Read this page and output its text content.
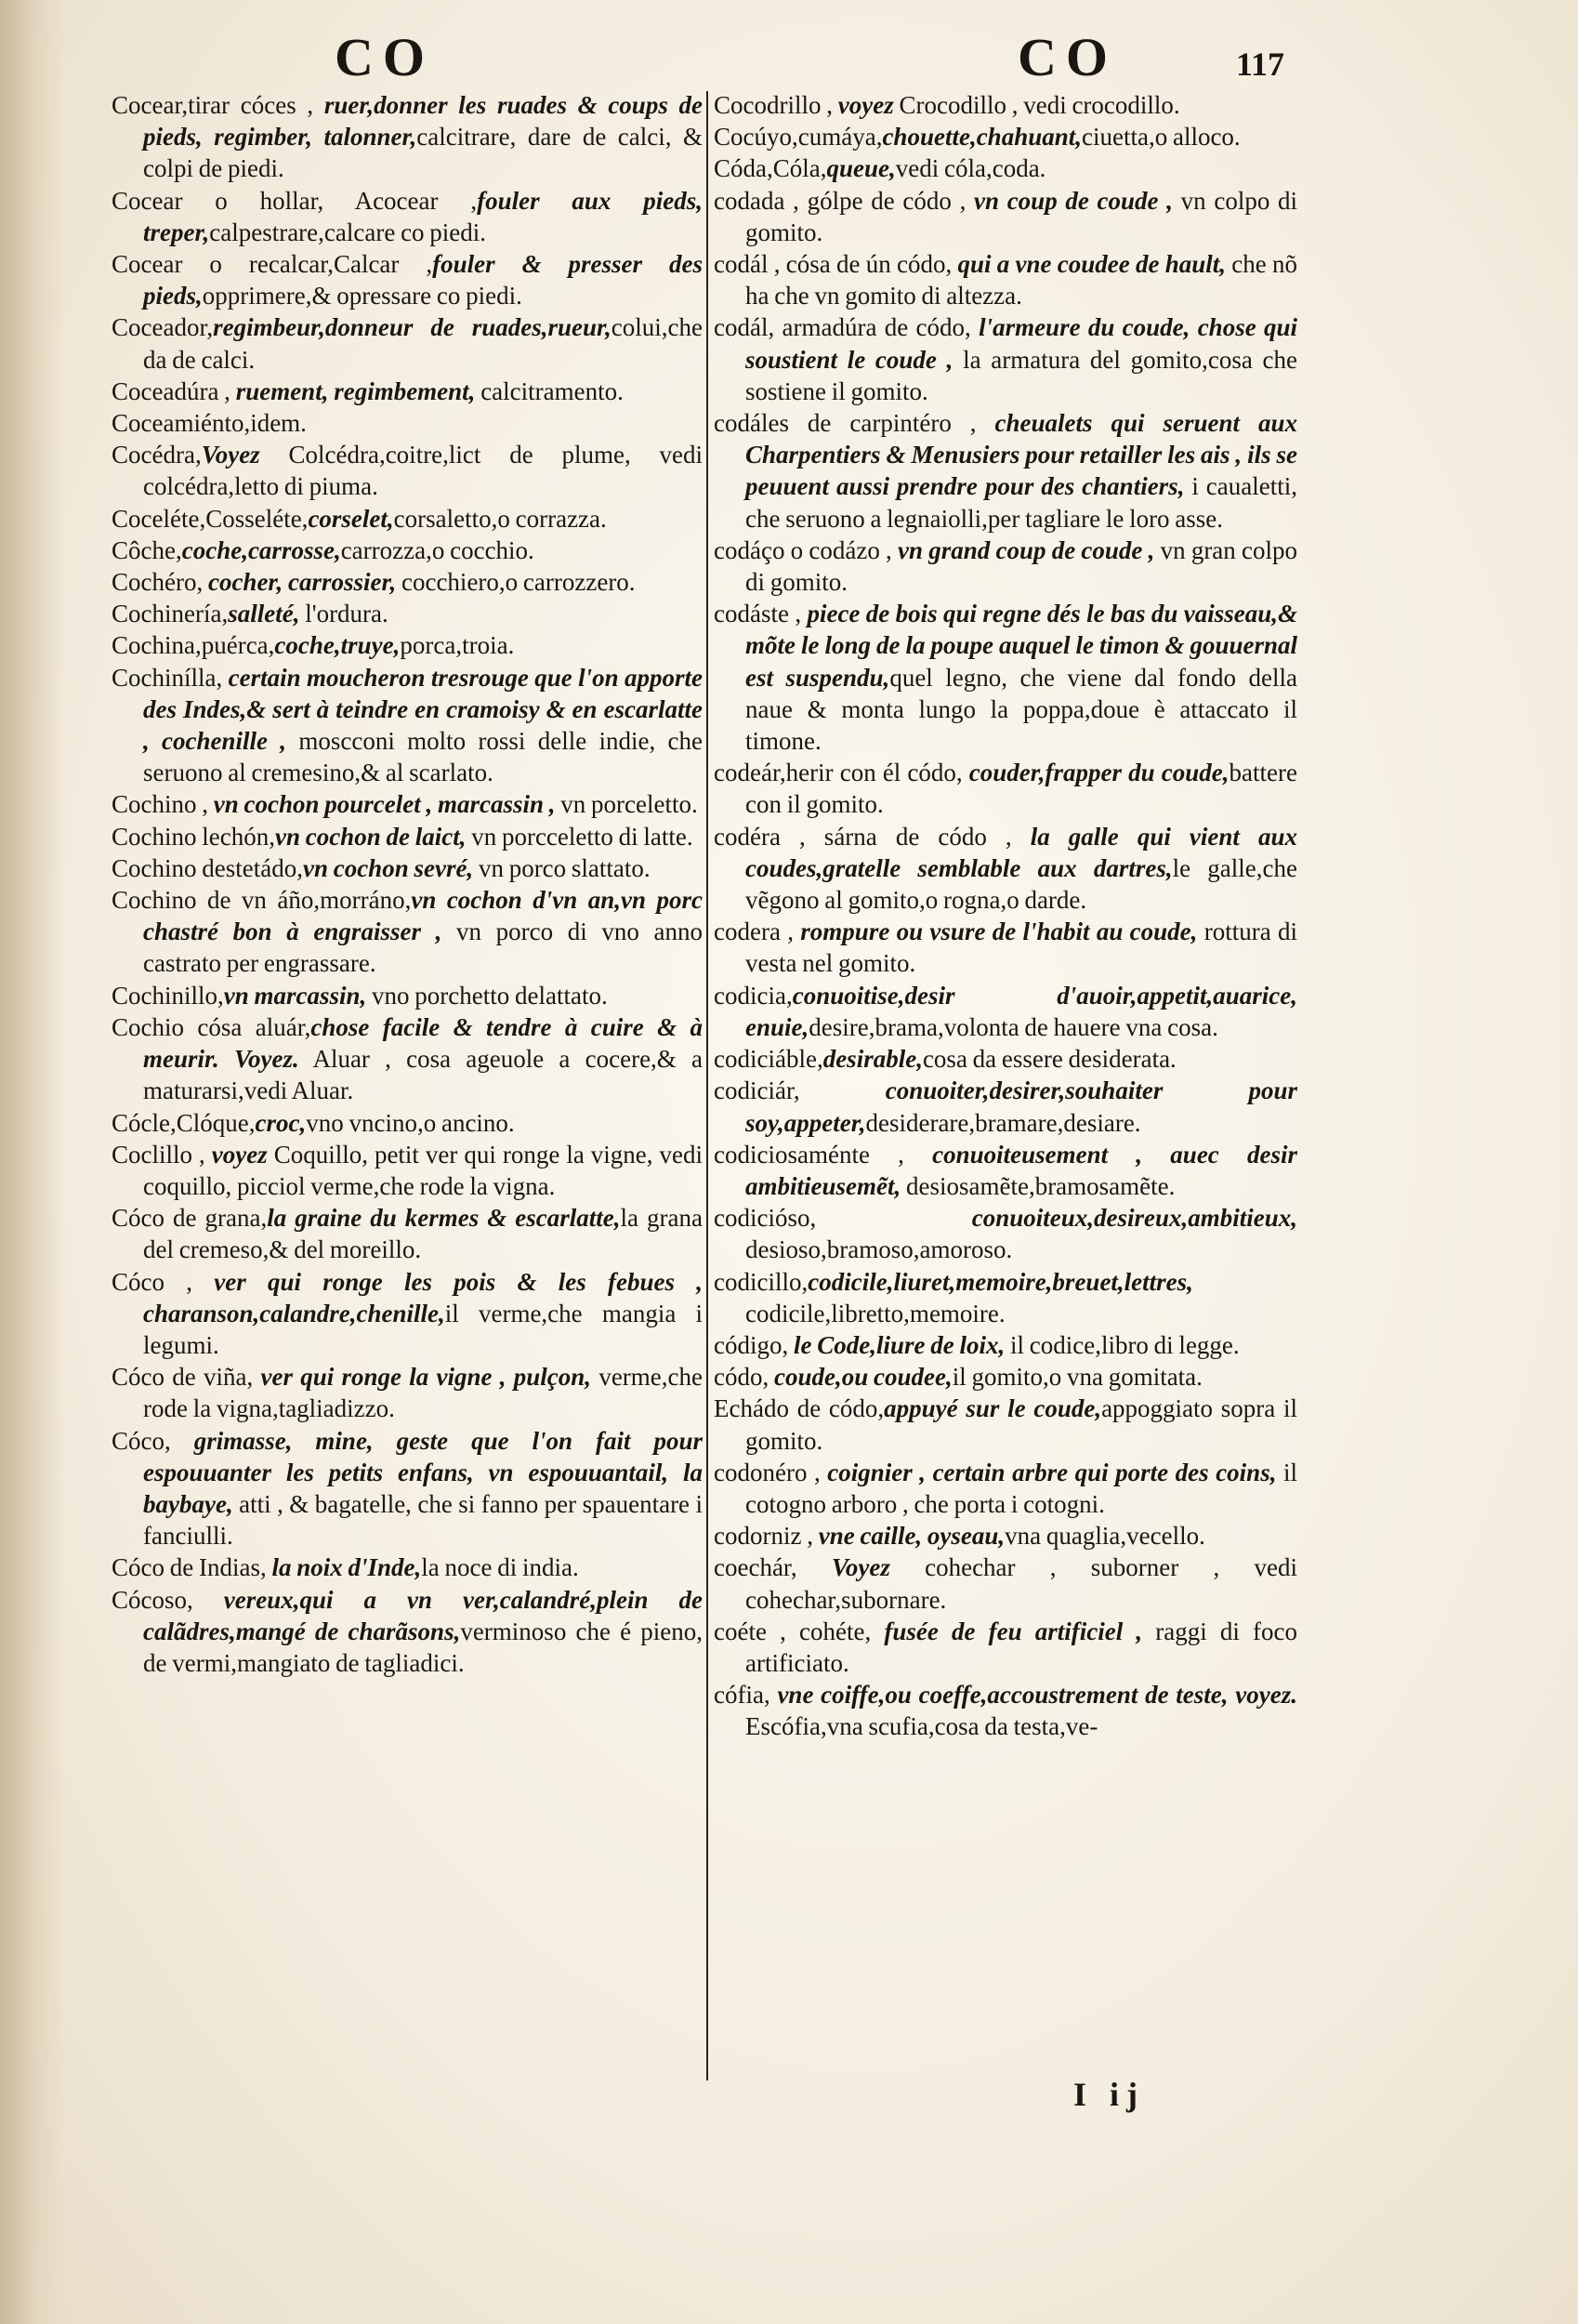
CO	CO	117

Cocear,tirar cóces , ruer,donner les ruades & coups de pieds, regimber, talonner,calcitrare, dare de calci, & colpi de piedi.

Cocear o hollar, Acocear ,fouler aux pieds, treper,calpestrare,calcare co piedi.

Cocear o recalcar,Calcar ,fouler & presser des pieds,opprimere,& opressare co piedi.

Coceador,regimbeur,donneur de ruades,rueur,colui,che da de calci.

Coceadúra , ruement, regimbement, calcitramento.

Coceamiénto,idem.

Cocédra,Voyez Colcédra,coitre,lict de plume, vedi colcédra,letto di piuma.

Coceléte,Cosseléte,corselet,corsaletto,o corrazza.

Côche,coche,carrosse,carrozza,o cocchio.

Cochéro, cocher, carrossier, cocchiero,o carrozzero.

Cochinería,salleté, l'ordura.

Cochina,puérca,coche,truye,porca,troia.

Cochinílla, certain moucheron tresrouge que l'on apporte des Indes,& sert à teindre en cramoisy & en escarlatte , cochenille , moscconi molto rossi delle indie, che seruono al cremesino,& al scarlato.

Cochino , vn cochon pourcelet , marcassin , vn porceletto.

Cochino lechón,vn cochon de laict, vn porcceletto di latte.

Cochino destetádo,vn cochon sevré, vn porco slattato.

Cochino de vn áño,morráno,vn cochon d'vn an,vn porc chastré bon à engraisser , vn porco di vno anno castrato per engrassare.

Cochinillo,vn marcassin, vno porchetto delattato.

Cochio cósa aluár,chose facile & tendre à cuire & à meurir. Voyez. Aluar , cosa ageuole a cocere,& a maturarsi,vedi Aluar.

Cócle,Clóque,croc,vno vncino,o ancino.

Coclillo , voyez Coquillo, petit ver qui ronge la vigne, vedi coquillo, picciol verme,che rode la vigna.

Cóco de grana,la graine du kermes & escarlatte,la grana del cremeso,& del moreillo.

Cóco , ver qui ronge les pois & les febues , charanson,calandre,chenille,il verme,che mangia i legumi.

Cóco de viña, ver qui ronge la vigne , pulçon, verme,che rode la vigna,tagliadizzo.

Cóco, grimasse, mine, geste que l'on fait pour espouuanter les petits enfans, vn espouuantail, la baybaye, atti , & bagatelle, che si fanno per spauentare i fanciulli.

Cóco de Indias, la noix d'Inde,la noce di india.

Cócoso, vereux,qui a vn ver,calandré,plein de calãdres,mangé de charãsons,verminoso che é pieno, de vermi,mangiato de tagliadici.

Cocodrillo , voyez Crocodillo , vedi crocodillo.

Cocúyo,cumáya,chouette,chahuant,ciuetta,o alloco.

Códa,Cóla,queue,vedi cóla,coda.

codada , gólpe de códo , vn coup de coude , vn colpo di gomito.

codál , cósa de ún códo, qui a vne coudee de hault, che nõ ha che vn gomito di altezza.

codál, armadúra de códo, l'armeure du coude, chose qui soustient le coude , la armatura del gomito,cosa che sostiene il gomito.

codáles de carpintéro , cheualets qui seruent aux Charpentiers & Menusiers pour retailler les ais , ils se peuuent aussi prendre pour des chantiers, i caualetti, che seruono a legnaiolli,per tagliare le loro asse.

codáço o codázo , vn grand coup de coude , vn gran colpo di gomito.

codáste , piece de bois qui regne dés le bas du vaisseau,& mõte le long de la poupe auquel le timon & gouuernal est suspendu,quel legno, che viene dal fondo della naue & monta lungo la poppa,doue è attaccato il timone.

codeár,herir con él códo, couder,frapper du coude,battere con il gomito.

codéra , sárna de códo , la galle qui vient aux coudes,gratelle semblable aux dartres,le galle,che vẽgono al gomito,o rogna,o darde.

codera , rompure ou vsure de l'habit au coude, rottura di vesta nel gomito.

codicia,conuoitise,desir d'auoir,appetit,auarice, enuie,desire,brama,volonta de hauere vna cosa.

codiciáble,desirable,cosa da essere desiderata.

codiciár, conuoiter,desirer,souhaiter pour soy,appeter,desiderare,bramare,desiare.

codiciosaménte , conuoiteusement , auec desir ambitieusemẽt, desiosamẽte,bramosamẽte.

codicióso, conuoiteux,desireux,ambitieux, desioso,bramoso,amoroso.

codicillo,codicile,liuret,memoire,breuet,lettres, codicile,libretto,memoire.

código, le Code,liure de loix, il codice,libro di legge.

códo, coude,ou coudee,il gomito,o vna gomitata.

Echádo de códo,appuyé sur le coude,appoggiato sopra il gomito.

codonéro , coignier , certain arbre qui porte des coins, il cotogno arboro , che porta i cotogni.

codorniz , vne caille, oyseau,vna quaglia,vecello.

coechár, Voyez cohechar , suborner , vedi cohechar,subornare.

coéte , cohéte, fusée de feu artificiel , raggi di foco artificiato.

cófia, vne coiffe,ou coeffe,accoustrement de teste, voyez. Escófia,vna scufia,cosa da testa,ve-

I ij
